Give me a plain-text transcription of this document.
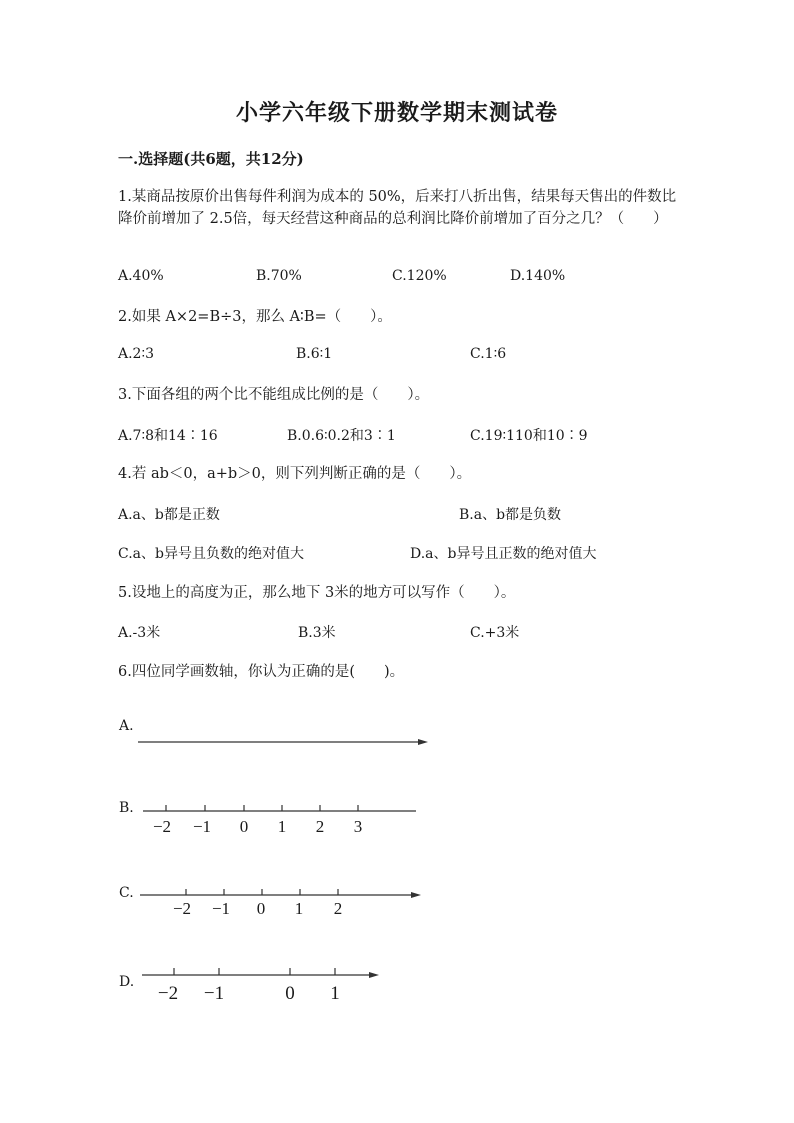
小学六年级下册数学期末测试卷
一.选择题(共6题，共12分)
1.某商品按原价出售每件利润为成本的 50%，后来打八折出售，结果每天售出的件数比降价前增加了 2.5倍，每天经营这种商品的总利润比降价前增加了百分之几？（　　）
A.40%	B.70%	C.120%	D.140%
2.如果 A×2=B÷3，那么 A∶B=（　　）。
A.2∶3	B.6∶1	C.1∶6
3.下面各组的两个比不能组成比例的是（　　）。
A.7∶8和14∶16	B.0.6∶0.2和3∶1	C.19∶110和10∶9
4.若 ab＜0，a+b＞0，则下列判断正确的是（　　）。
A.a、b都是正数	B.a、b都是负数
C.a、b异号且负数的绝对值大	D.a、b异号且正数的绝对值大
5.设地上的高度为正，那么地下 3米的地方可以写作（　　）。
A.-3米	B.3米	C.+3米
6.四位同学画数轴，你认为正确的是(　　)。
A.
B.
−2 −1 0 1 2 3
C.
−2 −1 0 1 2
D.
−2 −1	0 1
